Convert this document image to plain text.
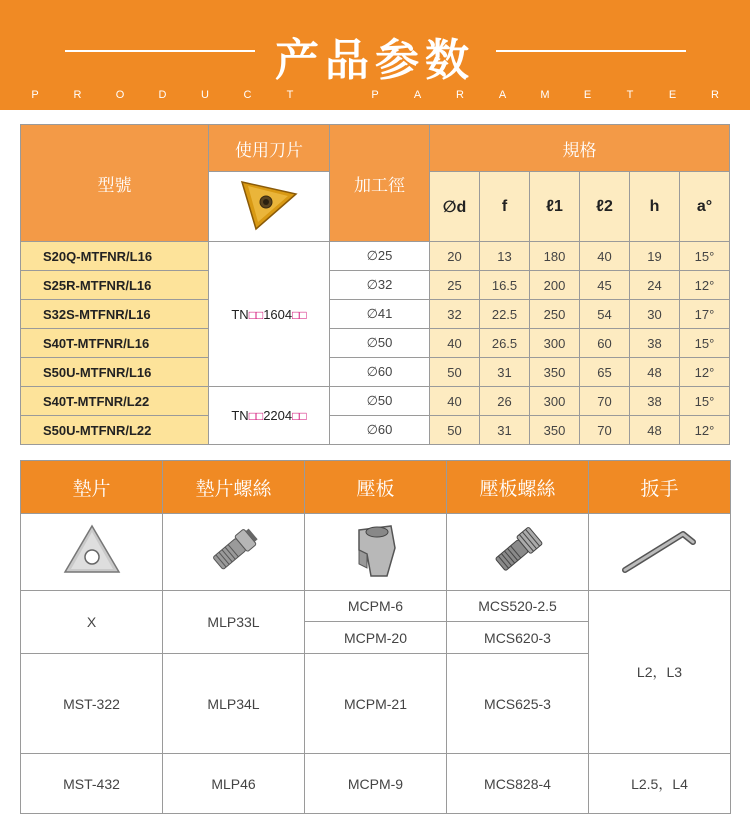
产品参数
P	R	O	D	U	C	T	P	A	R	A	M	E	T	E	R
型號	使用刀片	加工徑	規格					
	∅d	f	ℓ1	ℓ2	h	a°
S20Q-MTFNR/L16	TN□□1604□□	∅25	20	13	180	40	19	15°
S25R-MTFNR/L16		∅32	25	16.5	200	45	24	12°
S32S-MTFNR/L16		∅41	32	22.5	250	54	30	17°
S40T-MTFNR/L16		∅50	40	26.5	300	60	38	15°
S50U-MTFNR/L16		∅60	50	31	350	65	48	12°
S40T-MTFNR/L22	TN□□2204□□	∅50	40	26	300	70	38	15°
S50U-MTFNR/L22		∅60	50	31	350	70	48	12°
墊片	墊片螺絲	壓板	壓板螺絲	扳手

X	MLP33L	MCPM-6	MCS520-2.5	L2，L3
		MCPM-20	MCS620-3	
MST-322	MLP34L	MCPM-21	MCS625-3	
MST-432	MLP46	MCPM-9	MCS828-4	L2.5，L4
